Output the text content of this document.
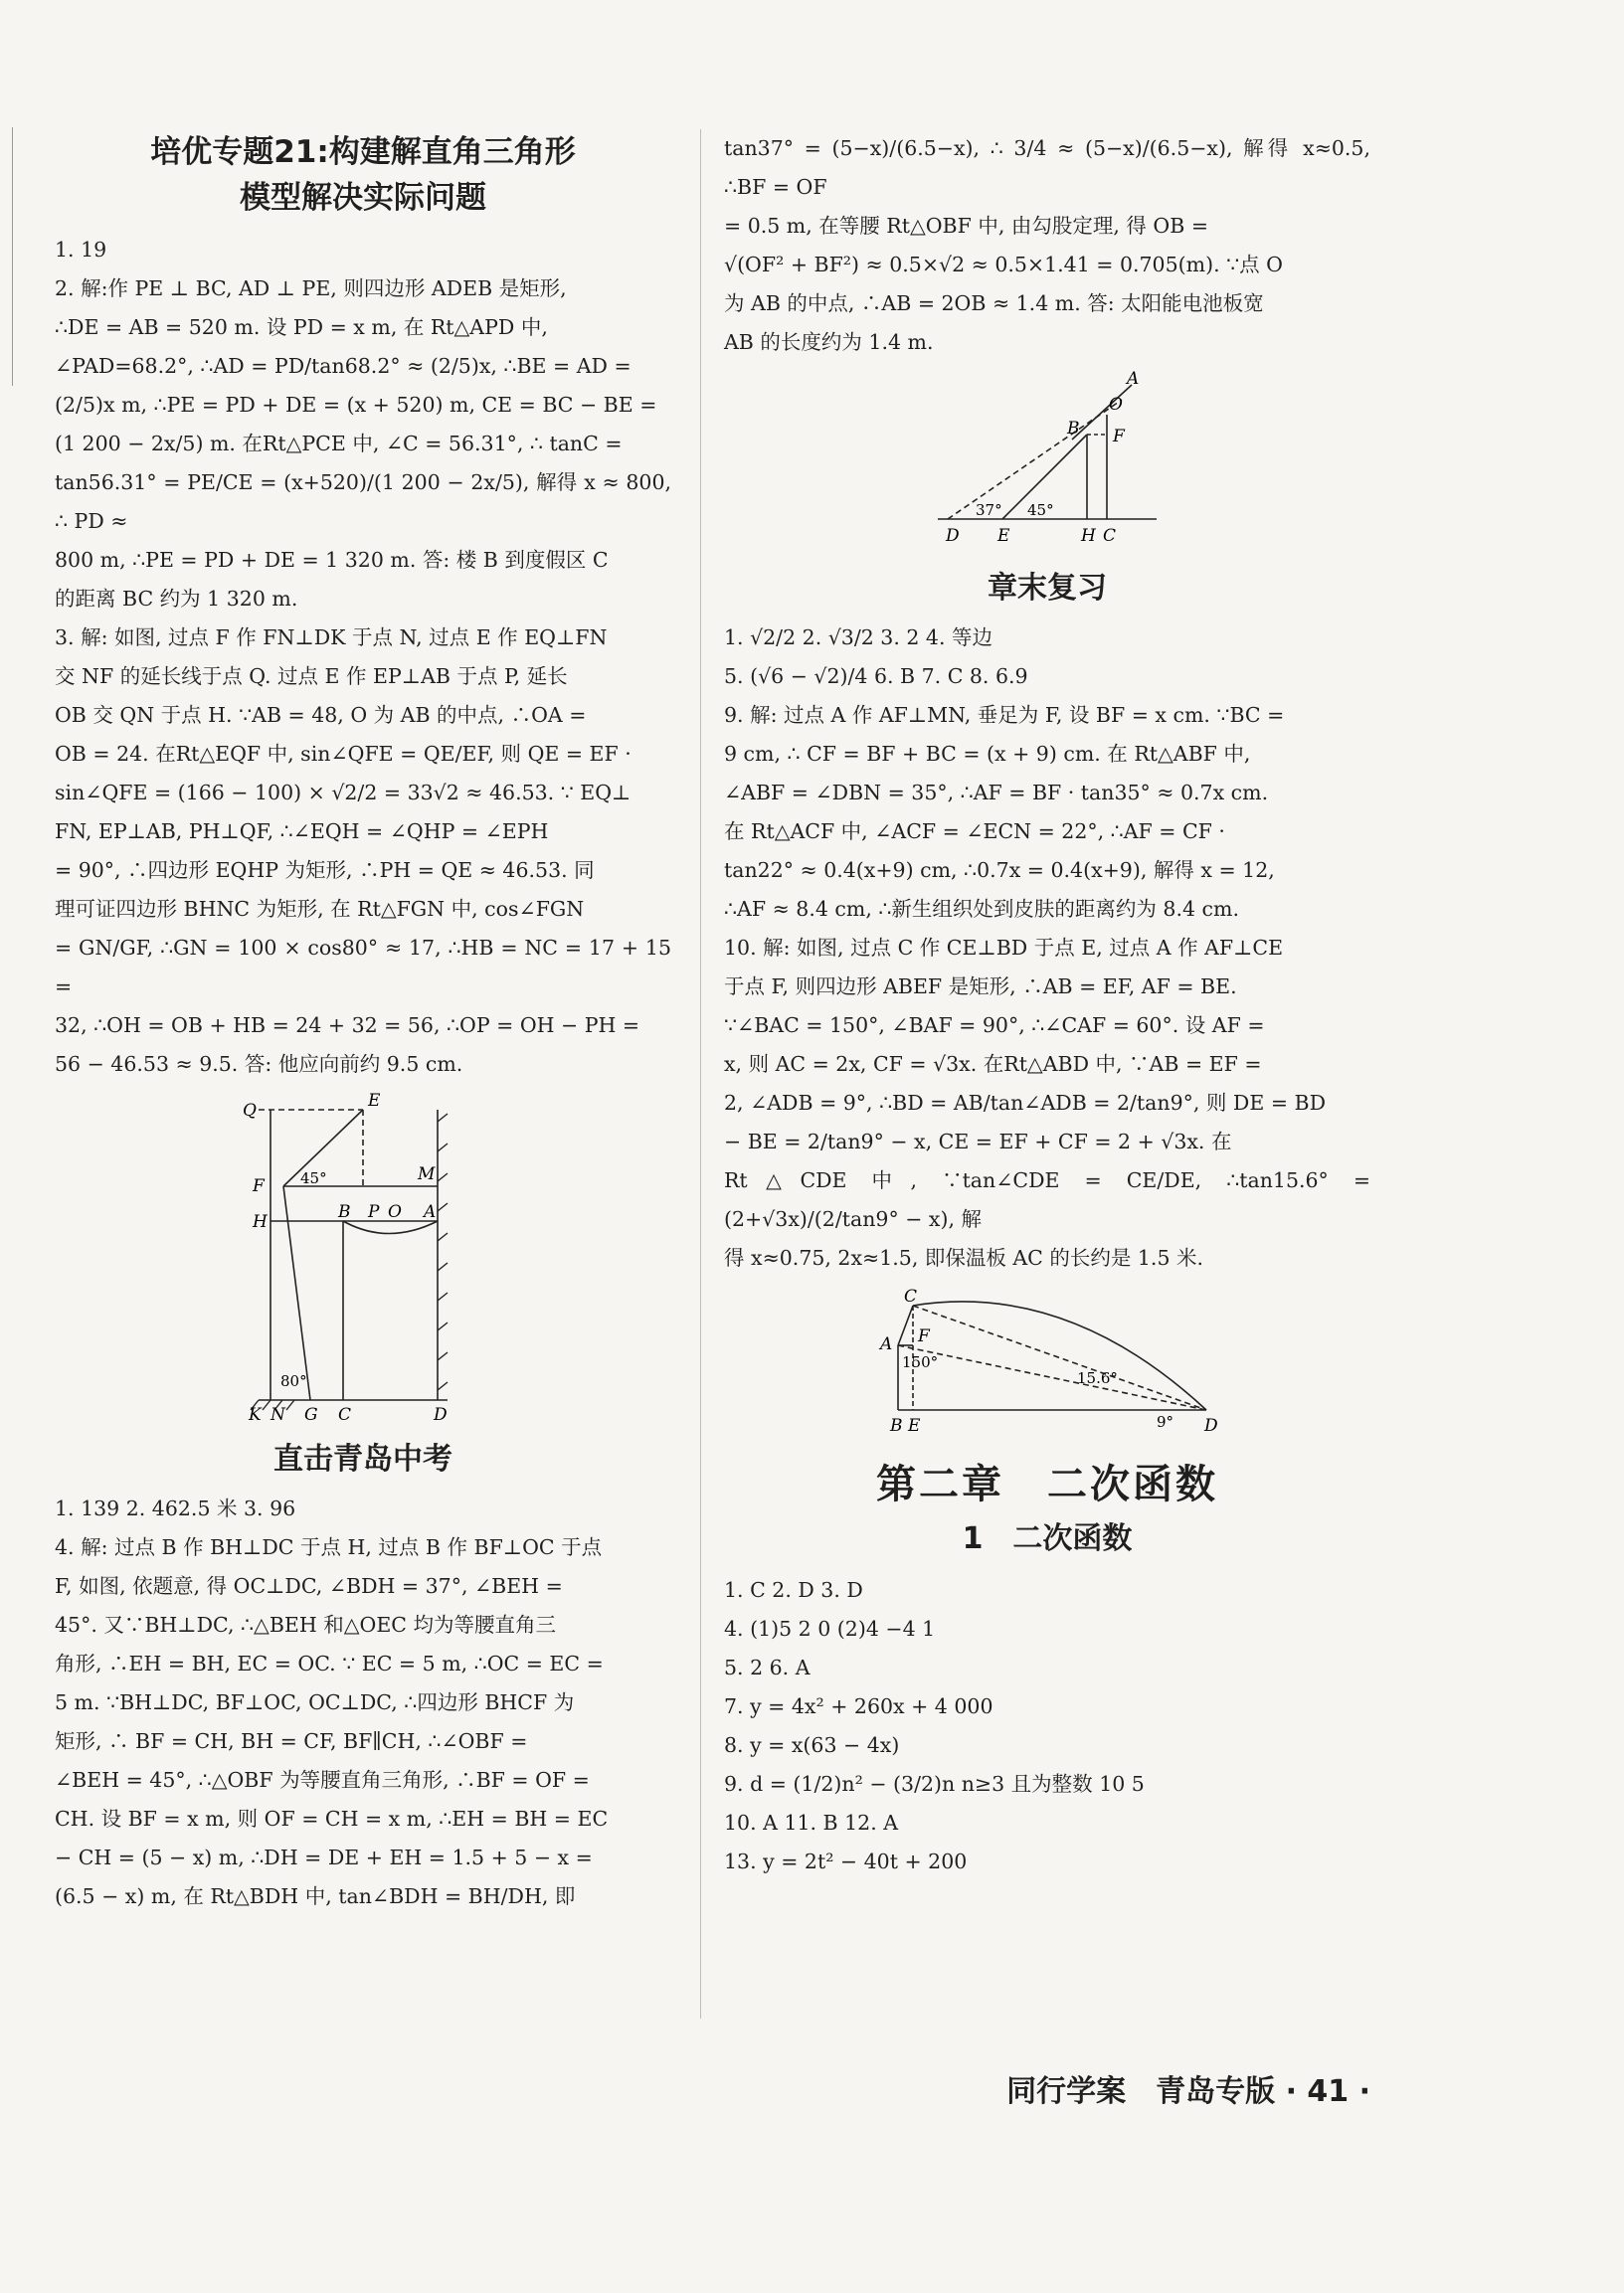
培优专题21:构建解直角三角形
模型解决实际问题

1. 19

2. 解:作 PE ⊥ BC, AD ⊥ PE, 则四边形 ADEB 是矩形,

∴DE = AB = 520 m. 设 PD = x m, 在 Rt△APD 中,

∠PAD=68.2°, ∴AD = PD/tan68.2° ≈ (2/5)x, ∴BE = AD =

(2/5)x m, ∴PE = PD + DE = (x + 520) m, CE = BC − BE =

(1 200 − 2x/5) m. 在Rt△PCE 中, ∠C = 56.31°, ∴ tanC =

tan56.31° = PE/CE = (x+520)/(1 200 − 2x/5), 解得 x ≈ 800, ∴ PD ≈

800 m, ∴PE = PD + DE = 1 320 m. 答: 楼 B 到度假区 C

的距离 BC 约为 1 320 m.

3. 解: 如图, 过点 F 作 FN⊥DK 于点 N, 过点 E 作 EQ⊥FN

交 NF 的延长线于点 Q. 过点 E 作 EP⊥AB 于点 P, 延长

OB 交 QN 于点 H. ∵AB = 48, O 为 AB 的中点, ∴OA =

OB = 24. 在Rt△EQF 中, sin∠QFE = QE/EF, 则 QE = EF ·

sin∠QFE = (166 − 100) × √2/2 = 33√2 ≈ 46.53. ∵ EQ⊥

FN, EP⊥AB, PH⊥QF, ∴∠EQH = ∠QHP = ∠EPH

= 90°, ∴四边形 EQHP 为矩形, ∴PH = QE ≈ 46.53. 同

理可证四边形 BHNC 为矩形, 在 Rt△FGN 中, cos∠FGN

= GN/GF, ∴GN = 100 × cos80° ≈ 17, ∴HB = NC = 17 + 15 =

32, ∴OH = OB + HB = 24 + 32 = 56, ∴OP = OH − PH =

56 − 46.53 ≈ 9.5. 答: 他应向前约 9.5 cm.

Q	E
F 45°	M
H	B P O A
80°
K N G C	D
直击青岛中考

1. 139 2. 462.5 米 3. 96

4. 解: 过点 B 作 BH⊥DC 于点 H, 过点 B 作 BF⊥OC 于点

F, 如图, 依题意, 得 OC⊥DC, ∠BDH = 37°, ∠BEH =

45°. 又∵BH⊥DC, ∴△BEH 和△OEC 均为等腰直角三

角形, ∴EH = BH, EC = OC. ∵ EC = 5 m, ∴OC = EC =

5 m. ∵BH⊥DC, BF⊥OC, OC⊥DC, ∴四边形 BHCF 为

矩形, ∴ BF = CH, BH = CF, BF∥CH, ∴∠OBF =

∠BEH = 45°, ∴△OBF 为等腰直角三角形, ∴BF = OF =

CH. 设 BF = x m, 则 OF = CH = x m, ∴EH = BH = EC

− CH = (5 − x) m, ∴DH = DE + EH = 1.5 + 5 − x =

(6.5 − x) m, 在 Rt△BDH 中, tan∠BDH = BH/DH, 即

tan37° = (5−x)/(6.5−x), ∴ 3/4 ≈ (5−x)/(6.5−x), 解得 x≈0.5, ∴BF = OF

= 0.5 m, 在等腰 Rt△OBF 中, 由勾股定理, 得 OB =

√(OF² + BF²) ≈ 0.5×√2 ≈ 0.5×1.41 = 0.705(m). ∵点 O

为 AB 的中点, ∴AB = 2OB ≈ 1.4 m. 答: 太阳能电池板宽

AB 的长度约为 1.4 m.

A
O
B F
37° 45°
D E	H C
章末复习

1. √2/2 2. √3/2 3. 2 4. 等边

5. (√6 − √2)/4 6. B 7. C 8. 6.9

9. 解: 过点 A 作 AF⊥MN, 垂足为 F, 设 BF = x cm. ∵BC =

9 cm, ∴ CF = BF + BC = (x + 9) cm. 在 Rt△ABF 中,

∠ABF = ∠DBN = 35°, ∴AF = BF · tan35° ≈ 0.7x cm.

在 Rt△ACF 中, ∠ACF = ∠ECN = 22°, ∴AF = CF ·

tan22° ≈ 0.4(x+9) cm, ∴0.7x = 0.4(x+9), 解得 x = 12,

∴AF ≈ 8.4 cm, ∴新生组织处到皮肤的距离约为 8.4 cm.

10. 解: 如图, 过点 C 作 CE⊥BD 于点 E, 过点 A 作 AF⊥CE

于点 F, 则四边形 ABEF 是矩形, ∴AB = EF, AF = BE.

∵∠BAC = 150°, ∠BAF = 90°, ∴∠CAF = 60°. 设 AF =

x, 则 AC = 2x, CF = √3x. 在Rt△ABD 中, ∵AB = EF =

2, ∠ADB = 9°, ∴BD = AB/tan∠ADB = 2/tan9°, 则 DE = BD

− BE = 2/tan9° − x, CE = EF + CF = 2 + √3x. 在

Rt△CDE 中, ∵tan∠CDE = CE/DE, ∴tan15.6° = (2+√3x)/(2/tan9° − x), 解

得 x≈0.75, 2x≈1.5, 即保温板 AC 的长约是 1.5 米.

C
A F
150°
15.6°
B E	9° D
第二章　二次函数
1　二次函数

1. C 2. D 3. D

4. (1)5 2 0 (2)4 −4 1

5. 2 6. A

7. y = 4x² + 260x + 4 000

8. y = x(63 − 4x)

9. d = (1/2)n² − (3/2)n n≥3 且为整数 10 5

10. A 11. B 12. A

13. y = 2t² − 40t + 200

同行学案　青岛专版 · 41 ·
